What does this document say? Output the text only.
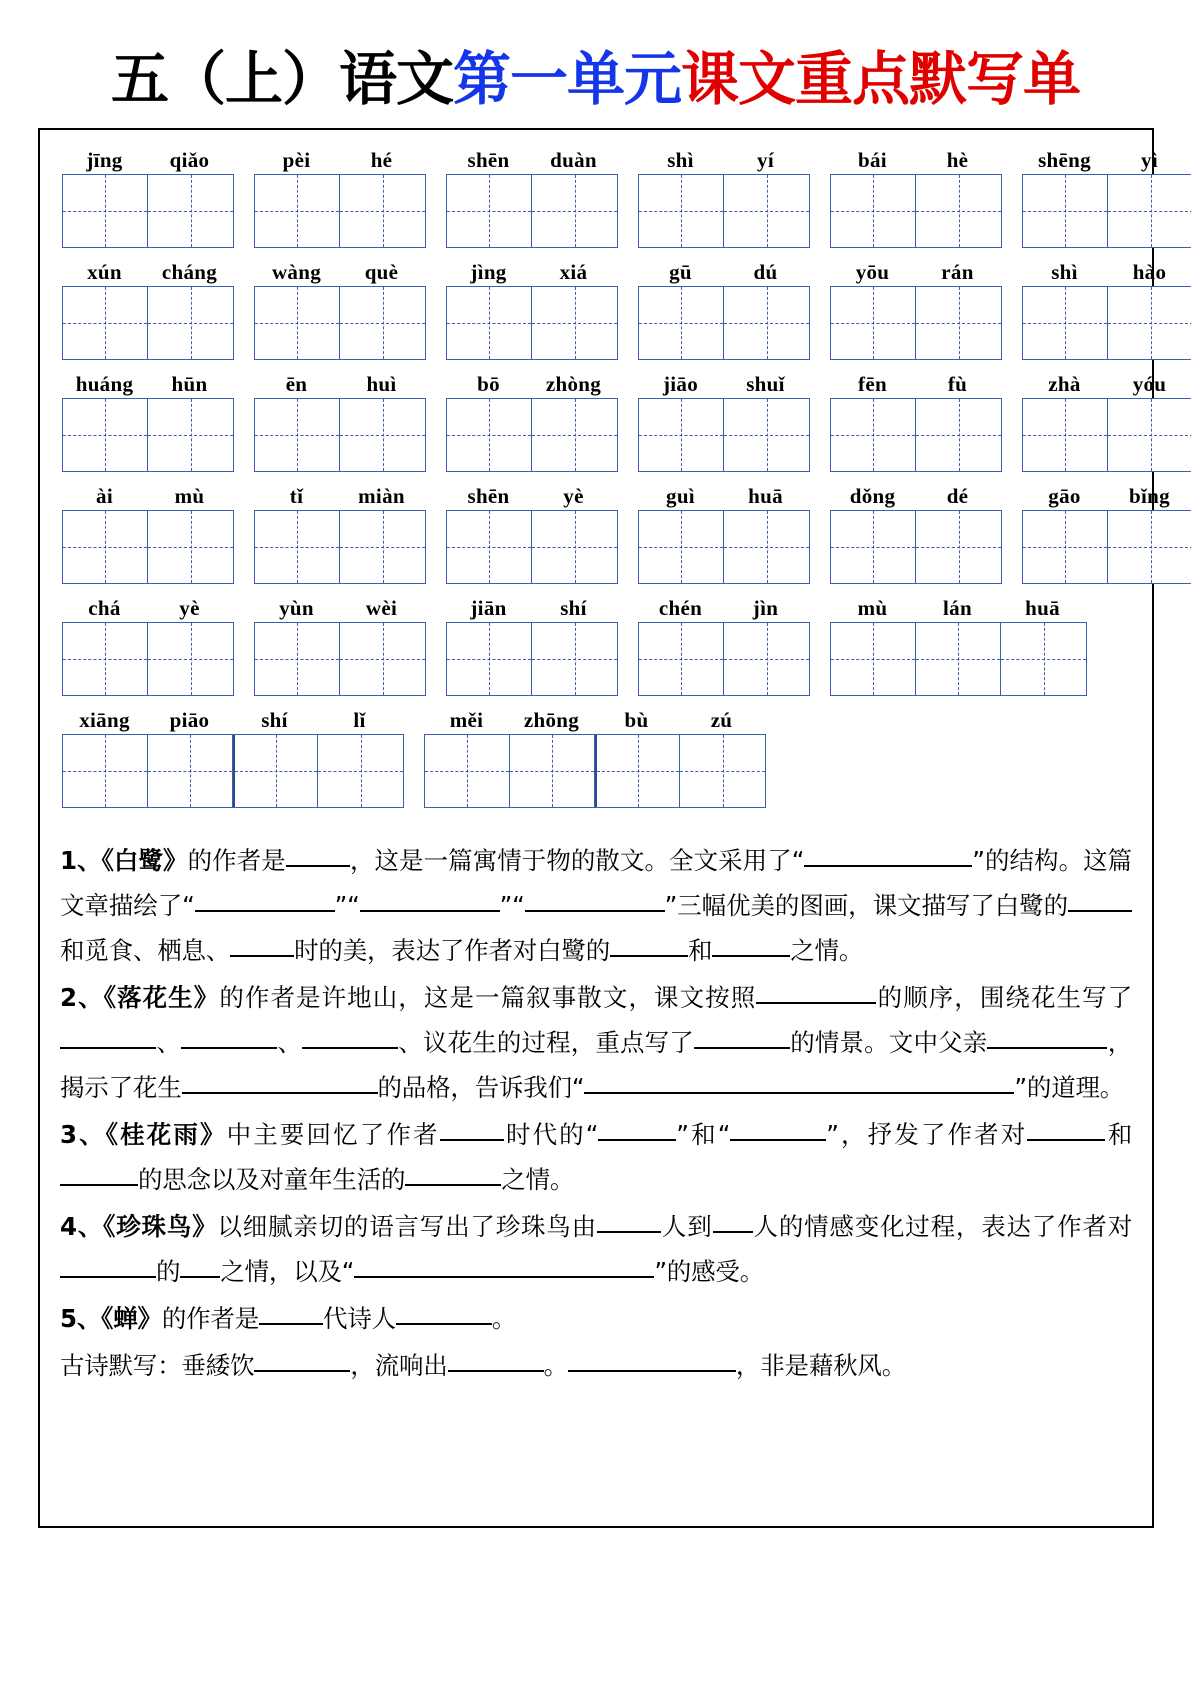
五（上）语文第一单元课文重点默写单
jīng	qiǎo	pèi	hé	shēn	duàn	shì	yí	bái	hè	shēng	yì
xún	cháng	wàng	què	jìng	xiá	gū	dú	yōu	rán	shì	hào
huáng	hūn	ēn	huì	bō	zhòng	jiāo	shuǐ	fēn	fù	zhà	yóu
ài	mù	tǐ	miàn	shēn	yè	guì	huā	dǒng	dé	gāo	bǐng
chá	yè	yùn	wèi	jiān	shí	chén	jìn	mù	lán	huā
xiāng	piāo	shí	lǐ	měi	zhōng	bù	zú

1、《白鹭》的作者是	，这是一篇寓情于物的散文。全文采用了“	”的结构。这篇文章描绘了“	”“	”“	”三幅优美的图画，课文描写了白鹭的和觅食、栖息、	时的美，表达了作者对白鹭的	和	之情。

2、《落花生》的作者是许地山，这是一篇叙事散文，课文按照	的顺序，围绕花生写了、	、	、议花生的过程，重点写了	的情景。文中父亲	，揭示了花生	的品格，告诉我们“	”的道理。

3、《桂花雨》中主要回忆了作者	时代的“	”和“	”，抒发了作者对	和的思念以及对童年生活的	之情。

4、《珍珠鸟》以细腻亲切的语言写出了珍珠鸟由	人到 人的情感变化过程，表达了作者对的 之情，以及“	”的感受。

5、《蝉》的作者是	代诗人	。

古诗默写：垂緌饮	，流响出	。	，非是藉秋风。
